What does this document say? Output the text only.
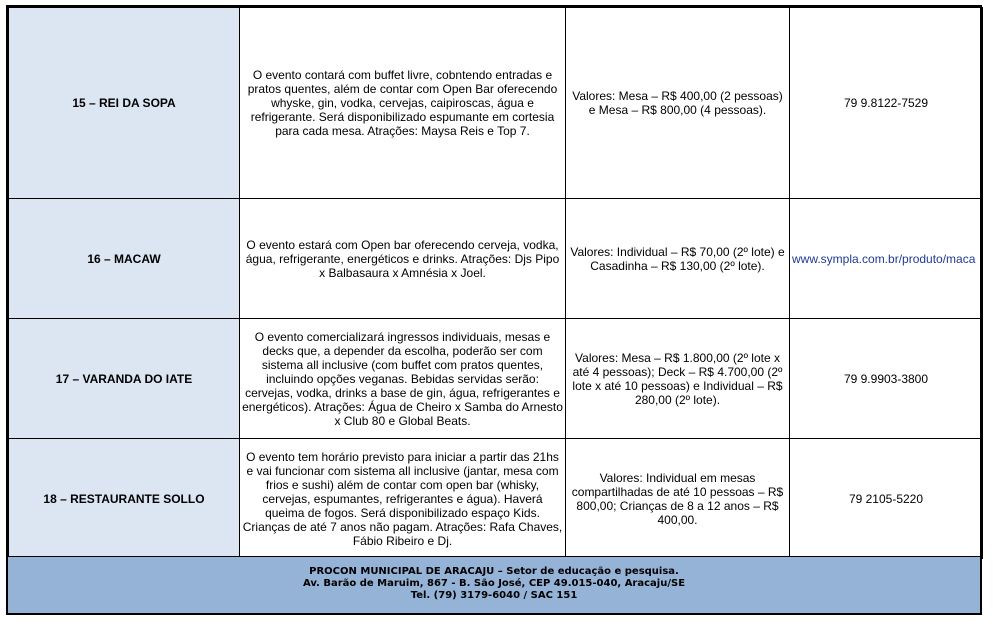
15 – REI DA SOPA	O evento contará com buffet livre, cobntendo entradas e pratos quentes, além de contar com Open Bar oferecendo whyske, gin, vodka, cervejas, caipiroscas, água e refrigerante. Será disponibilizado espumante em cortesia para cada mesa. Atrações: Maysa Reis e Top 7.	Valores: Mesa – R$ 400,00 (2 pessoas) e Mesa – R$ 800,00 (4 pessoas).	79 9.8122-7529
16 – MACAW	O evento estará com Open bar oferecendo cerveja, vodka, água, refrigerante, energéticos e drinks. Atrações: Djs Pipo x Balbasaura x Amnésia x Joel.	Valores: Individual – R$ 70,00 (2º lote) e Casadinha – R$ 130,00 (2º lote).	www.sympla.com.br/produto/maca

17 – VARANDA DO IATE	O evento comercializará ingressos individuais, mesas e decks que, a depender da escolha, poderão ser com sistema all inclusive (com buffet com pratos quentes, incluindo opções veganas. Bebidas servidas serão: cervejas, vodka, drinks a base de gin, água, refrigerantes e energéticos). Atrações: Água de Cheiro x Samba do Arnesto x Club 80 e Global Beats.	Valores: Mesa – R$ 1.800,00 (2º lote x até 4 pessoas); Deck – R$ 4.700,00 (2º lote x até 10 pessoas) e Individual – R$ 280,00 (2º lote).	79 9.9903-3800
18 – RESTAURANTE SOLLO	O evento tem horário previsto para iniciar a partir das 21hs e vai funcionar com sistema all inclusive (jantar, mesa com frios e sushi) além de contar com open bar (whisky, cervejas, espumantes, refrigerantes e água). Haverá queima de fogos. Será disponibilizado espaço Kids. Crianças de até 7 anos não pagam. Atrações: Rafa Chaves, Fábio Ribeiro e Dj.	Valores: Individual em mesas compartilhadas de até 10 pessoas – R$ 800,00; Crianças de 8 a 12 anos – R$ 400,00.	79 2105-5220
PROCON MUNICIPAL DE ARACAJU – Setor de educação e pesquisa.
Av. Barão de Maruim, 867 - B. São José, CEP 49.015-040, Aracaju/SE
Tel. (79) 3179-6040 / SAC 151
